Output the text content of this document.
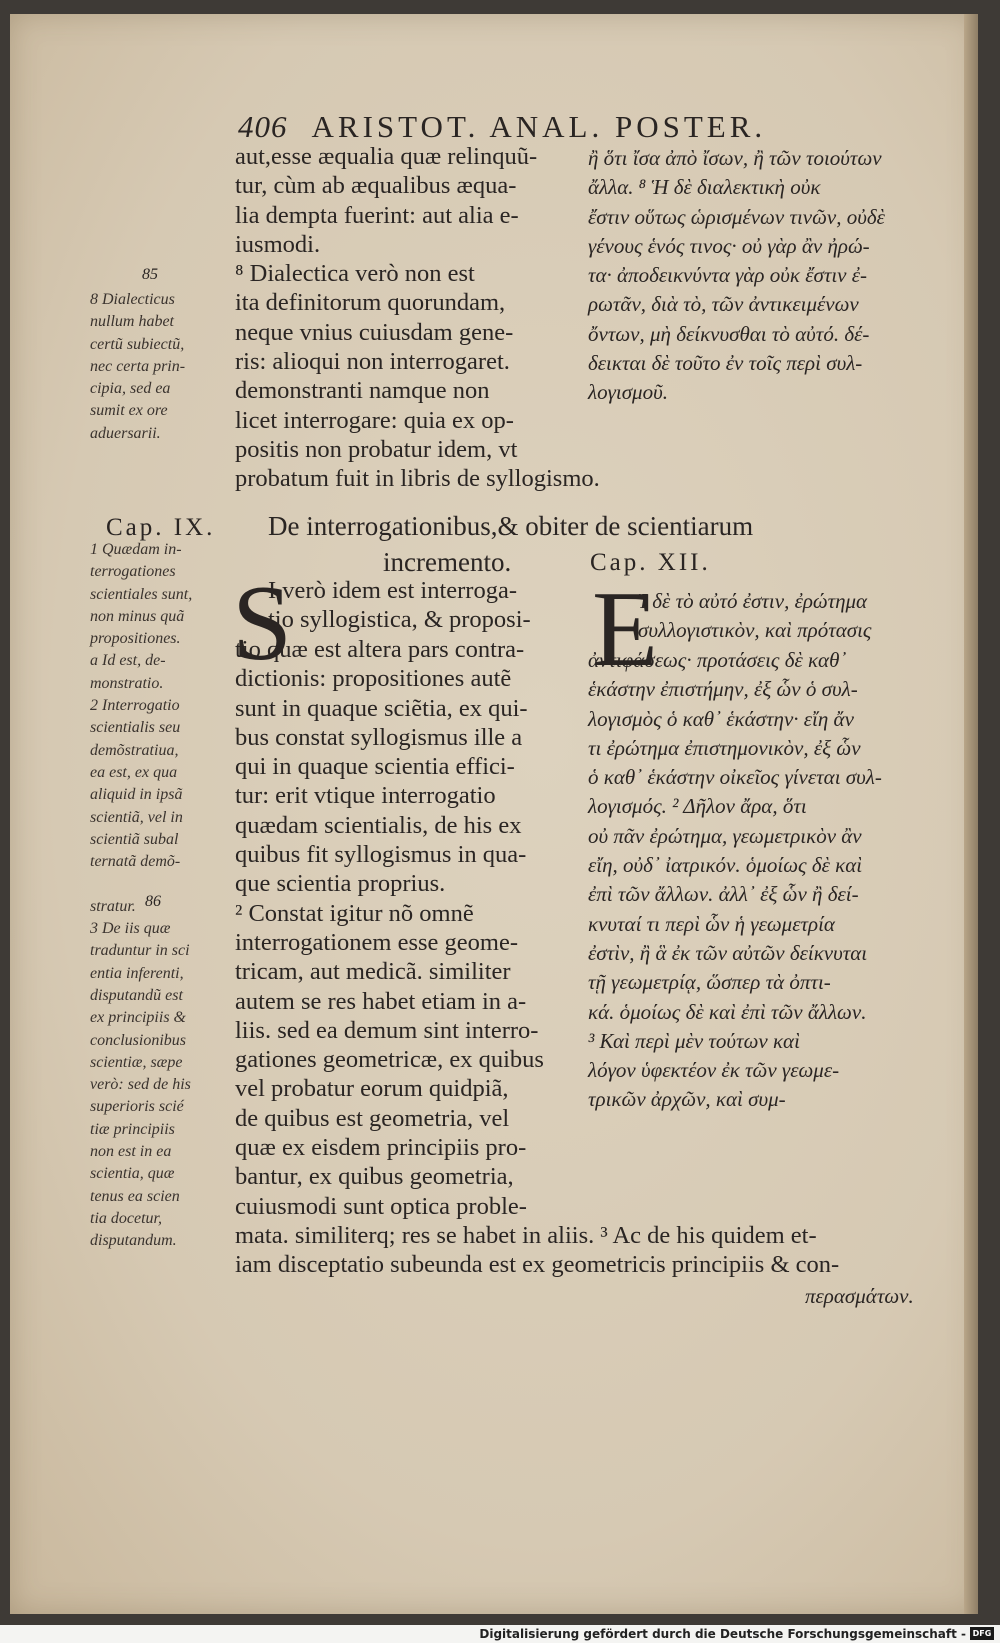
406 ARISTOT. ANAL. POSTER.
aut,esse æqualia quæ relinquũ-
tur, cùm ab æqualibus æqua-
lia dempta fuerint: aut alia e-
iusmodi.
⁸ Dialectica verò non est
ita definitorum quorundam,
neque vnius cuiusdam gene-
ris: alioqui non interrogaret.
demonstranti namque non
licet interrogare: quia ex op-
positis non probatur idem, vt
probatum fuit in libris de syllogismo.
ἢ ὅτι ἴσα ἀπὸ ἴσων, ἢ τῶν τοιούτων
ἄλλα. ⁸ Ἡ δὲ διαλεκτικὴ οὐκ
ἔστιν οὕτως ὡρισμένων τινῶν, οὐδὲ
γένους ἑνός τινος· οὐ γὰρ ἂν ἠρώ-
τα· ἀποδεικνύντα γὰρ οὐκ ἔστιν ἐ-
ρωτᾶν, διὰ τὸ, τῶν ἀντικειμένων
ὄντων, μὴ δείκνυσθαι τὸ αὐτό. δέ-
δεικται δὲ τοῦτο ἐν τοῖς περὶ συλ-
λογισμοῦ.
85
8 Dialecticus
nullum habet
certũ subiectũ,
nec certa prin-
cipia, sed ea
sumit ex ore
aduersarii.
Cap. IX. De interrogationibus,& obiter de scientiarum
incremento.	Cap. XII.
1 Quædam in-
terrogationes
scientiales sunt,
non minus quã
propositiones.
a Id est, de-
monstratio.
2 Interrogatio
scientialis seu
demõstratiua,
ea est, ex qua
aliquid in ipsã
scientiã, vel in
scientiã subal
ternatã demõ-

stratur.
3 De iis quæ
traduntur in sci
entia inferenti,
disputandũ est
ex principiis &
conclusionibus
scientiæ, sæpe
verò: sed de his
superioris scié
tiæ principiis
non est in ea
scientia, quæ
tenus ea scien
tia docetur,
disputandum.
86
S
I verò idem est interroga-
tio syllogistica, & proposi-
tio quæ est altera pars contra-
dictionis: propositiones autẽ
sunt in quaque sciẽtia, ex qui-
bus constat syllogismus ille a
qui in quaque scientia effici-
tur: erit vtique interrogatio
quædam scientialis, de his ex
quibus fit syllogismus in qua-
que scientia proprius.
² Constat igitur nõ omnẽ
interrogationem esse geome-
tricam, aut medicã. similiter
autem se res habet etiam in a-
liis. sed ea demum sint interro-
gationes geometricæ, ex quibus
vel probatur eorum quidpiã,
de quibus est geometria, vel
quæ ex eisdem principiis pro-
bantur, ex quibus geometria,
cuiusmodi sunt optica proble-
mata. similiterq; res se habet in aliis. ³ Ac de his quidem et-
iam disceptatio subeunda est ex geometricis principiis & con-
E
Ἰ δὲ τὸ αὐτό ἐστιν, ἐρώτημα
συλλογιστικὸν, καὶ πρότασις
ἀντιφάσεως· προτάσεις δὲ καθ᾽
ἑκάστην ἐπιστήμην, ἐξ ὧν ὁ συλ-
λογισμὸς ὁ καθ᾽ ἑκάστην· εἴη ἄν
τι ἐρώτημα ἐπιστημονικὸν, ἐξ ὧν
ὁ καθ᾽ ἑκάστην οἰκεῖος γίνεται συλ-
λογισμός. ² Δῆλον ἄρα, ὅτι
οὐ πᾶν ἐρώτημα, γεωμετρικὸν ἂν
εἴη, οὐδ᾽ ἰατρικόν. ὁμοίως δὲ καὶ
ἐπὶ τῶν ἄλλων. ἀλλ᾽ ἐξ ὧν ἢ δεί-
κνυταί τι περὶ ὧν ἡ γεωμετρία
ἐστὶν, ἢ ἃ ἐκ τῶν αὐτῶν δείκνυται
τῇ γεωμετρίᾳ, ὥσπερ τὰ ὀπτι-
κά. ὁμοίως δὲ καὶ ἐπὶ τῶν ἄλλων.
³ Καὶ περὶ μὲν τούτων καὶ
λόγον ὑφεκτέον ἐκ τῶν γεωμε-
τρικῶν ἀρχῶν, καὶ συμ-
περασμάτων.
Digitalisierung gefördert durch die Deutsche Forschungsgemeinschaft - DFG
